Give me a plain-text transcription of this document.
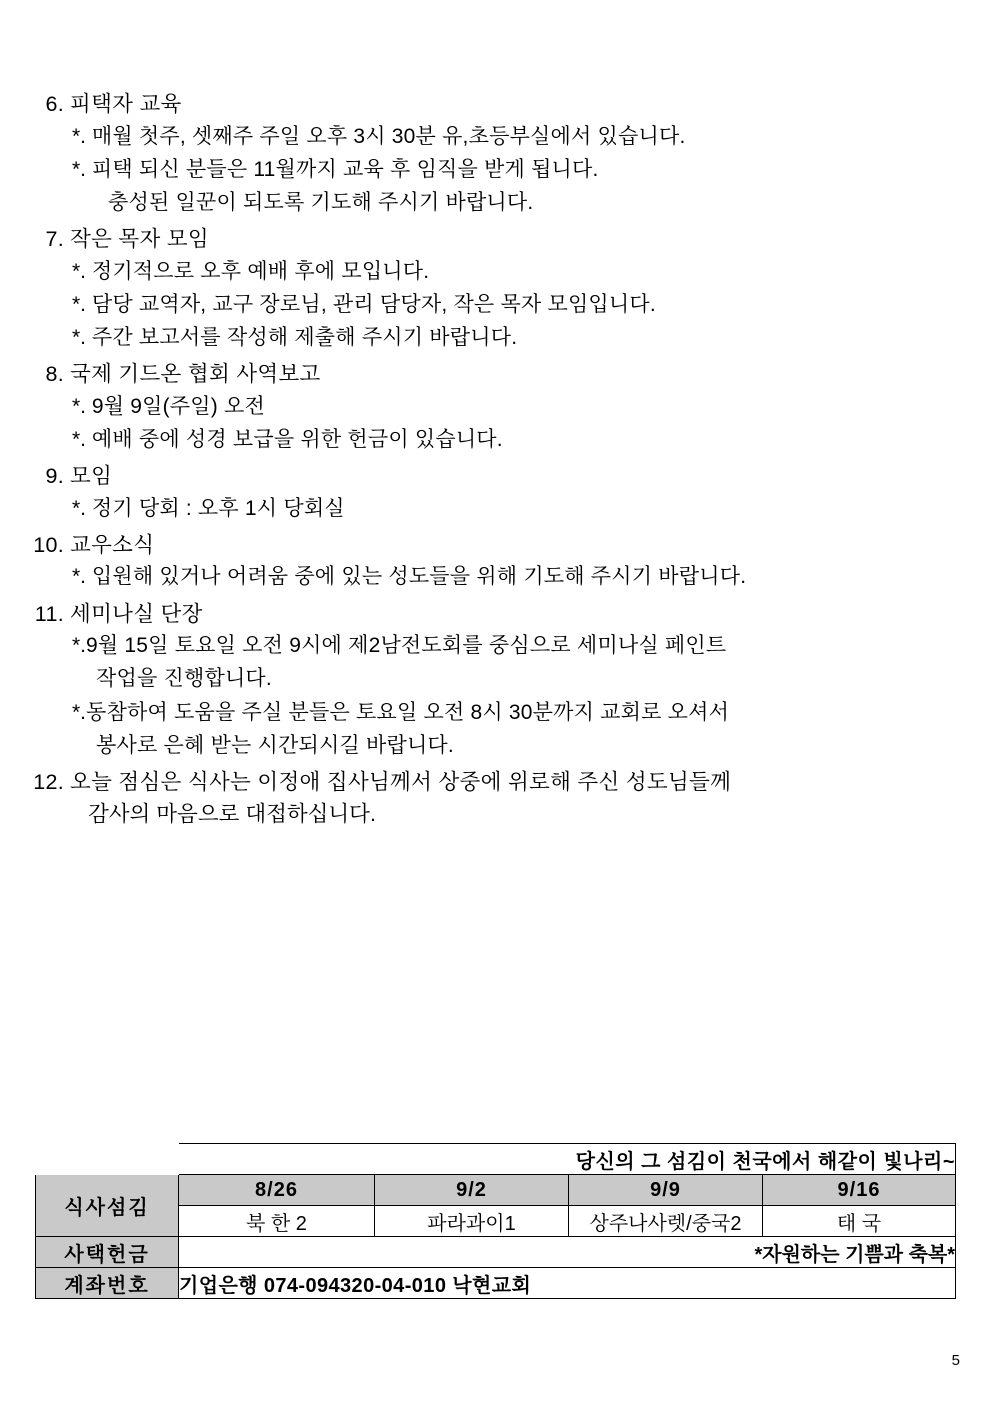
6. 피택자 교육
*. 매월 첫주, 셋째주 주일 오후 3시 30분 유,초등부실에서 있습니다.
*. 피택 되신 분들은 11월까지 교육 후 임직을 받게 됩니다.
충성된 일꾼이 되도록 기도해 주시기 바랍니다.
7. 작은 목자 모임
*. 정기적으로 오후 예배 후에 모입니다.
*. 담당 교역자, 교구 장로님, 관리 담당자, 작은 목자 모임입니다.
*. 주간 보고서를 작성해 제출해 주시기 바랍니다.
8. 국제 기드온 협회 사역보고
*. 9월 9일(주일) 오전
*. 예배 중에 성경 보급을 위한 헌금이 있습니다.
9. 모임
*. 정기 당회 : 오후 1시 당회실
10. 교우소식
*. 입원해 있거나 어려움 중에 있는 성도들을 위해 기도해 주시기 바랍니다.
11. 세미나실 단장
*.9월 15일 토요일 오전 9시에 제2남전도회를 중심으로 세미나실 페인트
작업을 진행합니다.
*.동참하여 도움을 주실 분들은 토요일 오전 8시 30분까지 교회로 오셔서
봉사로 은혜 받는 시간되시길 바랍니다.
12. 오늘 점심은 식사는 이정애 집사님께서 상중에 위로해 주신 성도님들께
감사의 마음으로 대접하십니다.
	당신의 그 섬김이 천국에서 해같이 빛나리~			
식사섬김	8/26	9/2	9/9	9/16
	북 한 2	파라과이1	상주나사렛/중국2	태 국
사택헌금	*자원하는 기쁨과 축복*			
계좌번호	기업은행 074-094320-04-010 낙현교회			
5
